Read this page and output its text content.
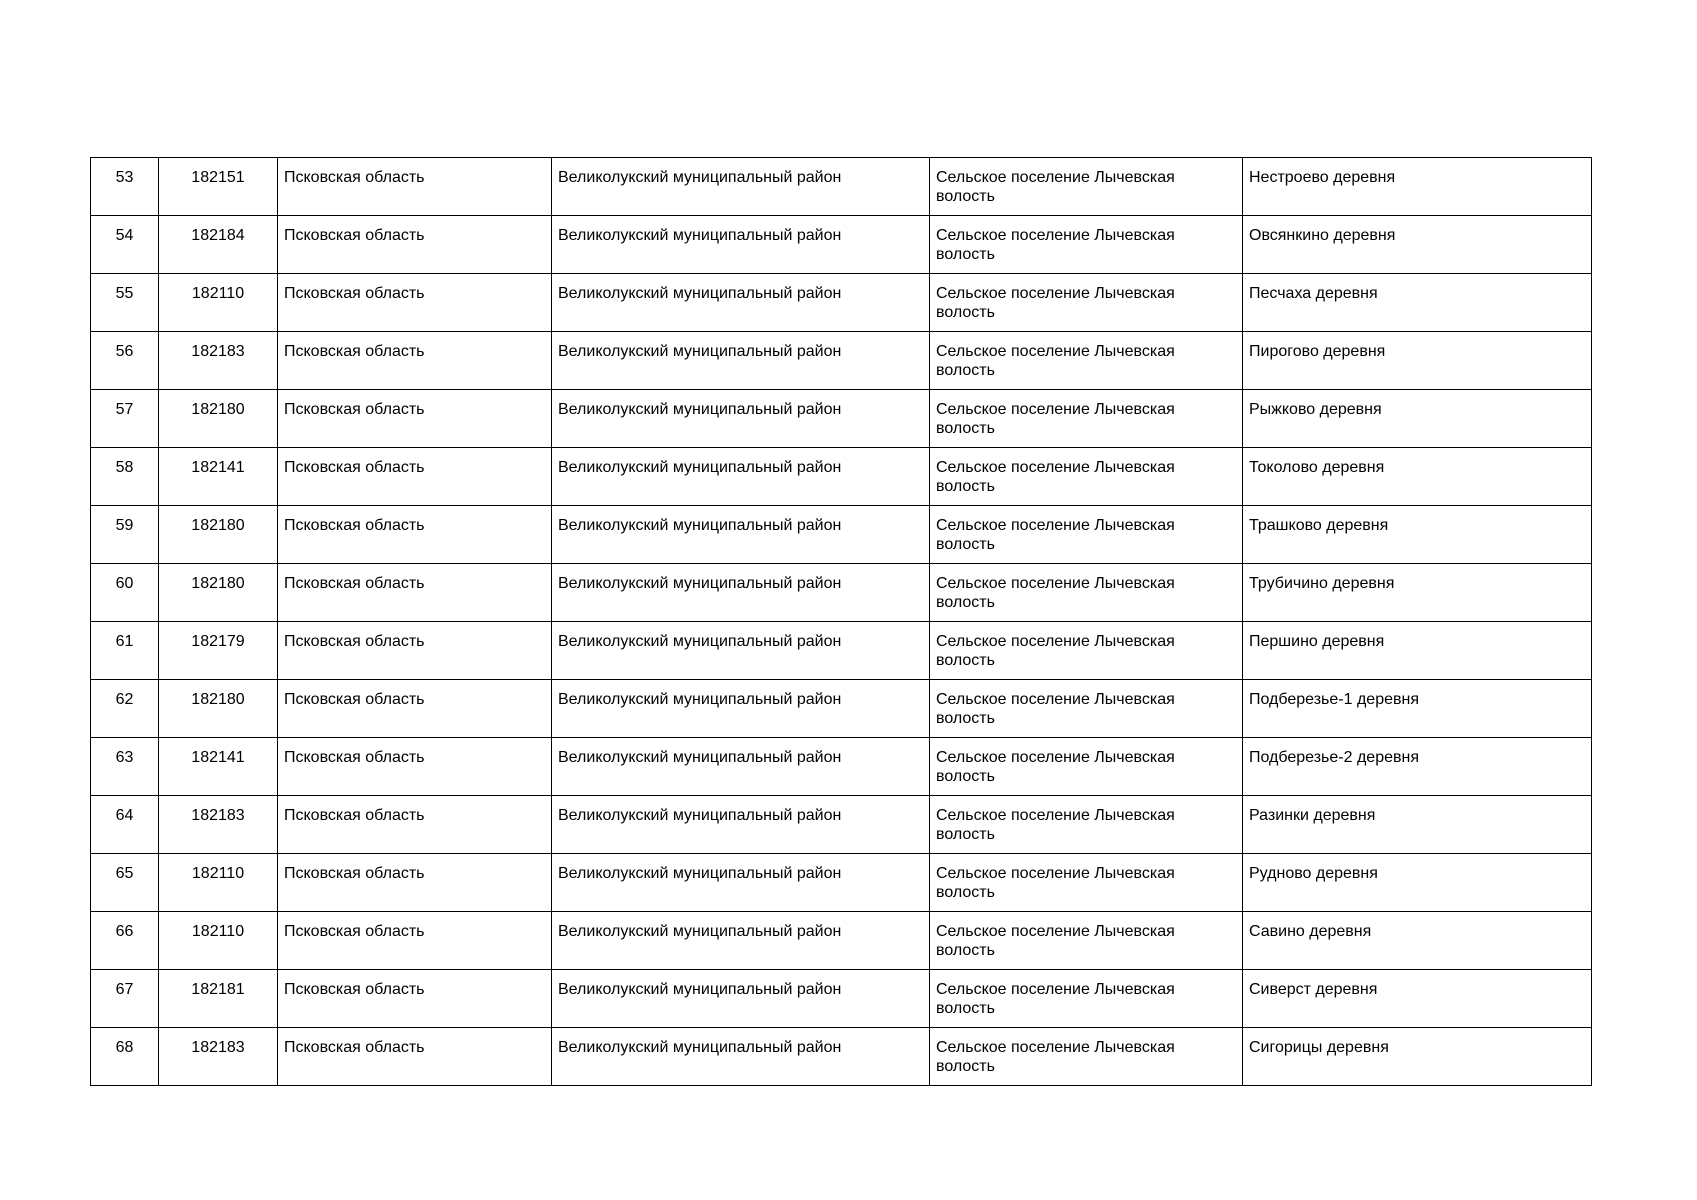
53	182151	Псковская область	Великолукский муниципальный район	Сельское поселение Лычевская волость	Нестроево деревня
54	182184	Псковская область	Великолукский муниципальный район	Сельское поселение Лычевская волость	Овсянкино деревня
55	182110	Псковская область	Великолукский муниципальный район	Сельское поселение Лычевская волость	Песчаха деревня
56	182183	Псковская область	Великолукский муниципальный район	Сельское поселение Лычевская волость	Пирогово деревня
57	182180	Псковская область	Великолукский муниципальный район	Сельское поселение Лычевская волость	Рыжково деревня
58	182141	Псковская область	Великолукский муниципальный район	Сельское поселение Лычевская волость	Токолово деревня
59	182180	Псковская область	Великолукский муниципальный район	Сельское поселение Лычевская волость	Трашково деревня
60	182180	Псковская область	Великолукский муниципальный район	Сельское поселение Лычевская волость	Трубичино деревня
61	182179	Псковская область	Великолукский муниципальный район	Сельское поселение Лычевская волость	Першино деревня
62	182180	Псковская область	Великолукский муниципальный район	Сельское поселение Лычевская волость	Подберезье-1 деревня
63	182141	Псковская область	Великолукский муниципальный район	Сельское поселение Лычевская волость	Подберезье-2 деревня
64	182183	Псковская область	Великолукский муниципальный район	Сельское поселение Лычевская волость	Разинки деревня
65	182110	Псковская область	Великолукский муниципальный район	Сельское поселение Лычевская волость	Рудново деревня
66	182110	Псковская область	Великолукский муниципальный район	Сельское поселение Лычевская волость	Савино деревня
67	182181	Псковская область	Великолукский муниципальный район	Сельское поселение Лычевская волость	Сиверст деревня
68	182183	Псковская область	Великолукский муниципальный район	Сельское поселение Лычевская волость	Сигорицы деревня
